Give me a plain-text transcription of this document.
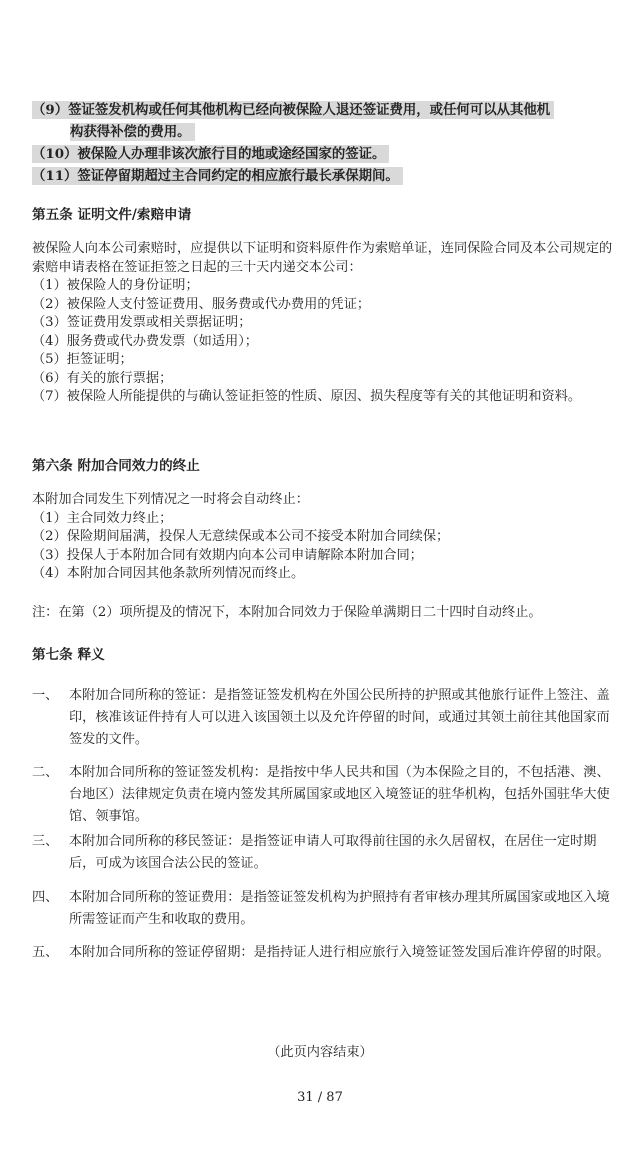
（9）签证签发机构或任何其他机构已经向被保险人退还签证费用，或任何可以从其他机
构获得补偿的费用。
（10）被保险人办理非该次旅行目的地或途经国家的签证。
（11）签证停留期超过主合同约定的相应旅行最长承保期间。
第五条 证明文件/索赔申请

被保险人向本公司索赔时，应提供以下证明和资料原件作为索赔单证，连同保险合同及本公司规定的索赔申请表格在签证拒签之日起的三十天内递交本公司：

（1）被保险人的身份证明；

（2）被保险人支付签证费用、服务费或代办费用的凭证；

（3）签证费用发票或相关票据证明；

（4）服务费或代办费发票（如适用）；

（5）拒签证明；

（6）有关的旅行票据；

（7）被保险人所能提供的与确认签证拒签的性质、原因、损失程度等有关的其他证明和资料。

第六条 附加合同效力的终止

本附加合同发生下列情况之一时将会自动终止：

（1）主合同效力终止；

（2）保险期间届满，投保人无意续保或本公司不接受本附加合同续保；

（3）投保人于本附加合同有效期内向本公司申请解除本附加合同；

（4）本附加合同因其他条款所列情况而终止。

注：在第（2）项所提及的情况下，本附加合同效力于保险单满期日二十四时自动终止。
第七条 释义

一、 本附加合同所称的签证：是指签证签发机构在外国公民所持的护照或其他旅行证件上签注、盖印，核准该证件持有人可以进入该国领土以及允许停留的时间，或通过其领土前往其他国家而签发的文件。

二、 本附加合同所称的签证签发机构：是指按中华人民共和国（为本保险之目的，不包括港、澳、台地区）法律规定负责在境内签发其所属国家或地区入境签证的驻华机构，包括外国驻华大使馆、领事馆。

三、 本附加合同所称的移民签证：是指签证申请人可取得前往国的永久居留权，在居住一定时期后，可成为该国合法公民的签证。

四、 本附加合同所称的签证费用：是指签证签发机构为护照持有者审核办理其所属国家或地区入境所需签证而产生和收取的费用。

五、 本附加合同所称的签证停留期：是指持证人进行相应旅行入境签证签发国后准许停留的时限。

（此页内容结束）
31 / 87
